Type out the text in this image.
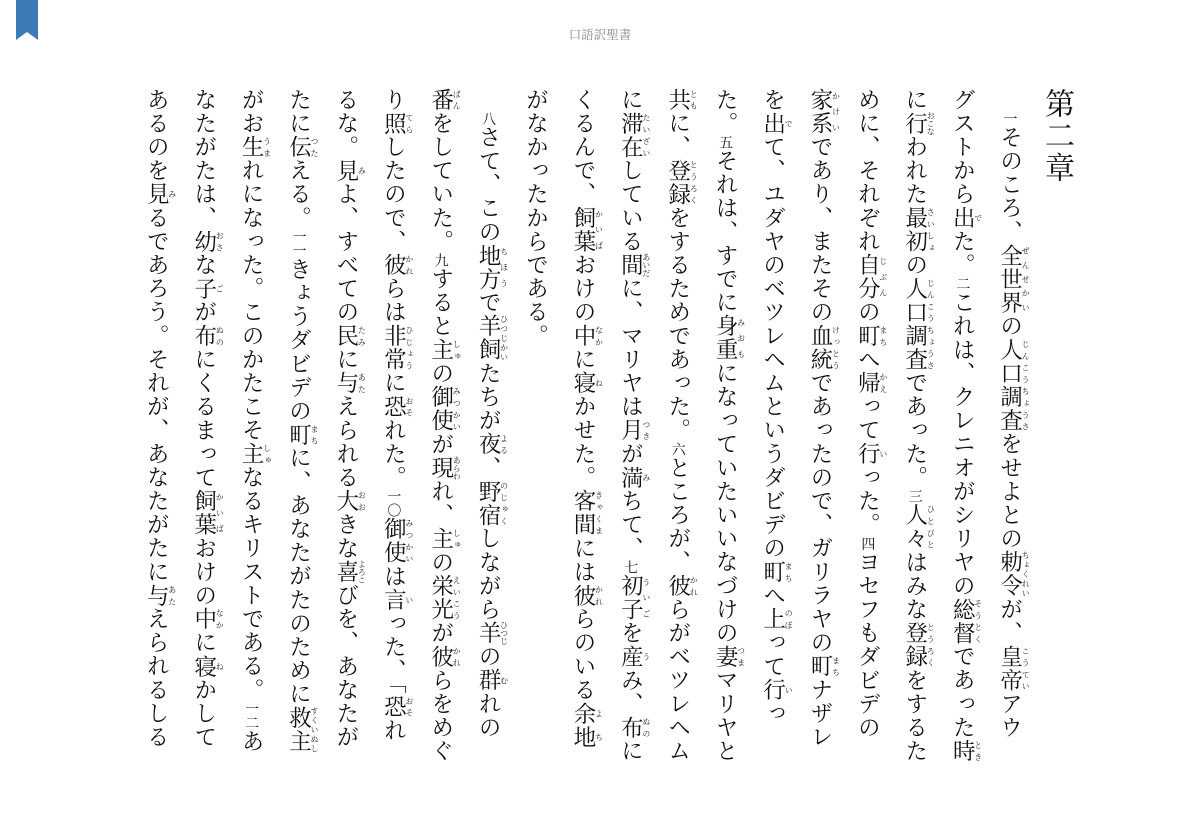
口語訳聖書
第二章
　一そのころ、全世界ぜんせかいの人口調査じんこうちょうさをせよとの勅令ちょくれいが、皇帝こうていアウ
グストから出でた。二これは、クレニオがシリヤの総督そうとくであった時とき
に行おこなわれた最初さいしょの人口調査じんこうちょうさであった。三人々ひとびとはみな登録とうろくをするた
めに、それぞれ自分じぶんの町まちへ帰かえって行いった。四ヨセフもダビデの
家系かけいであり、またその血統けっとうであったので、ガリラヤの町まちナザレ
を出でて、ユダヤのベツレヘムというダビデの町まちへ上のぼって行いっ
た。五それは、すでに身重みおもになっていたいいなづけの妻つまマリヤと
共ともに、登録とうろくをするためであった。六ところが、彼かれらがベツレヘム
に滞在たいざいしている間あいだに、マリヤは月つきが満みちて、七初子ういごを産うみ、布ぬのに
くるんで、飼葉かいばおけの中なかに寝ねかせた。客間きゃくまには彼かれらのいる余地よち
がなかったからである。
　八さて、この地方ちほうで羊飼ひつじかいたちが夜よる、野宿のじゅくしながら羊ひつじの群むれの
番ばんをしていた。九すると主しゅの御使みつかいが現あらわれ、主しゅの栄光えいこうが彼かれらをめぐ
り照てらしたので、彼かれらは非常ひじょうに恐おそれた。一〇御使みつかいは言いった、「恐おそれ
るな。見みよ、すべての民たみに与あたえられる大おおきな喜よろこびを、あなたが
たに伝つたえる。一一きょうダビデの町まちに、あなたがたのために救主すくいぬし
がお生うまれになった。このかたこそ主しゅなるキリストである。一二あ
なたがたは、幼おさな子ごが布ぬのにくるまって飼葉かいばおけの中なかに寝ねかして
あるのを見みるであろう。それが、あなたがたに与あたえられるしる
